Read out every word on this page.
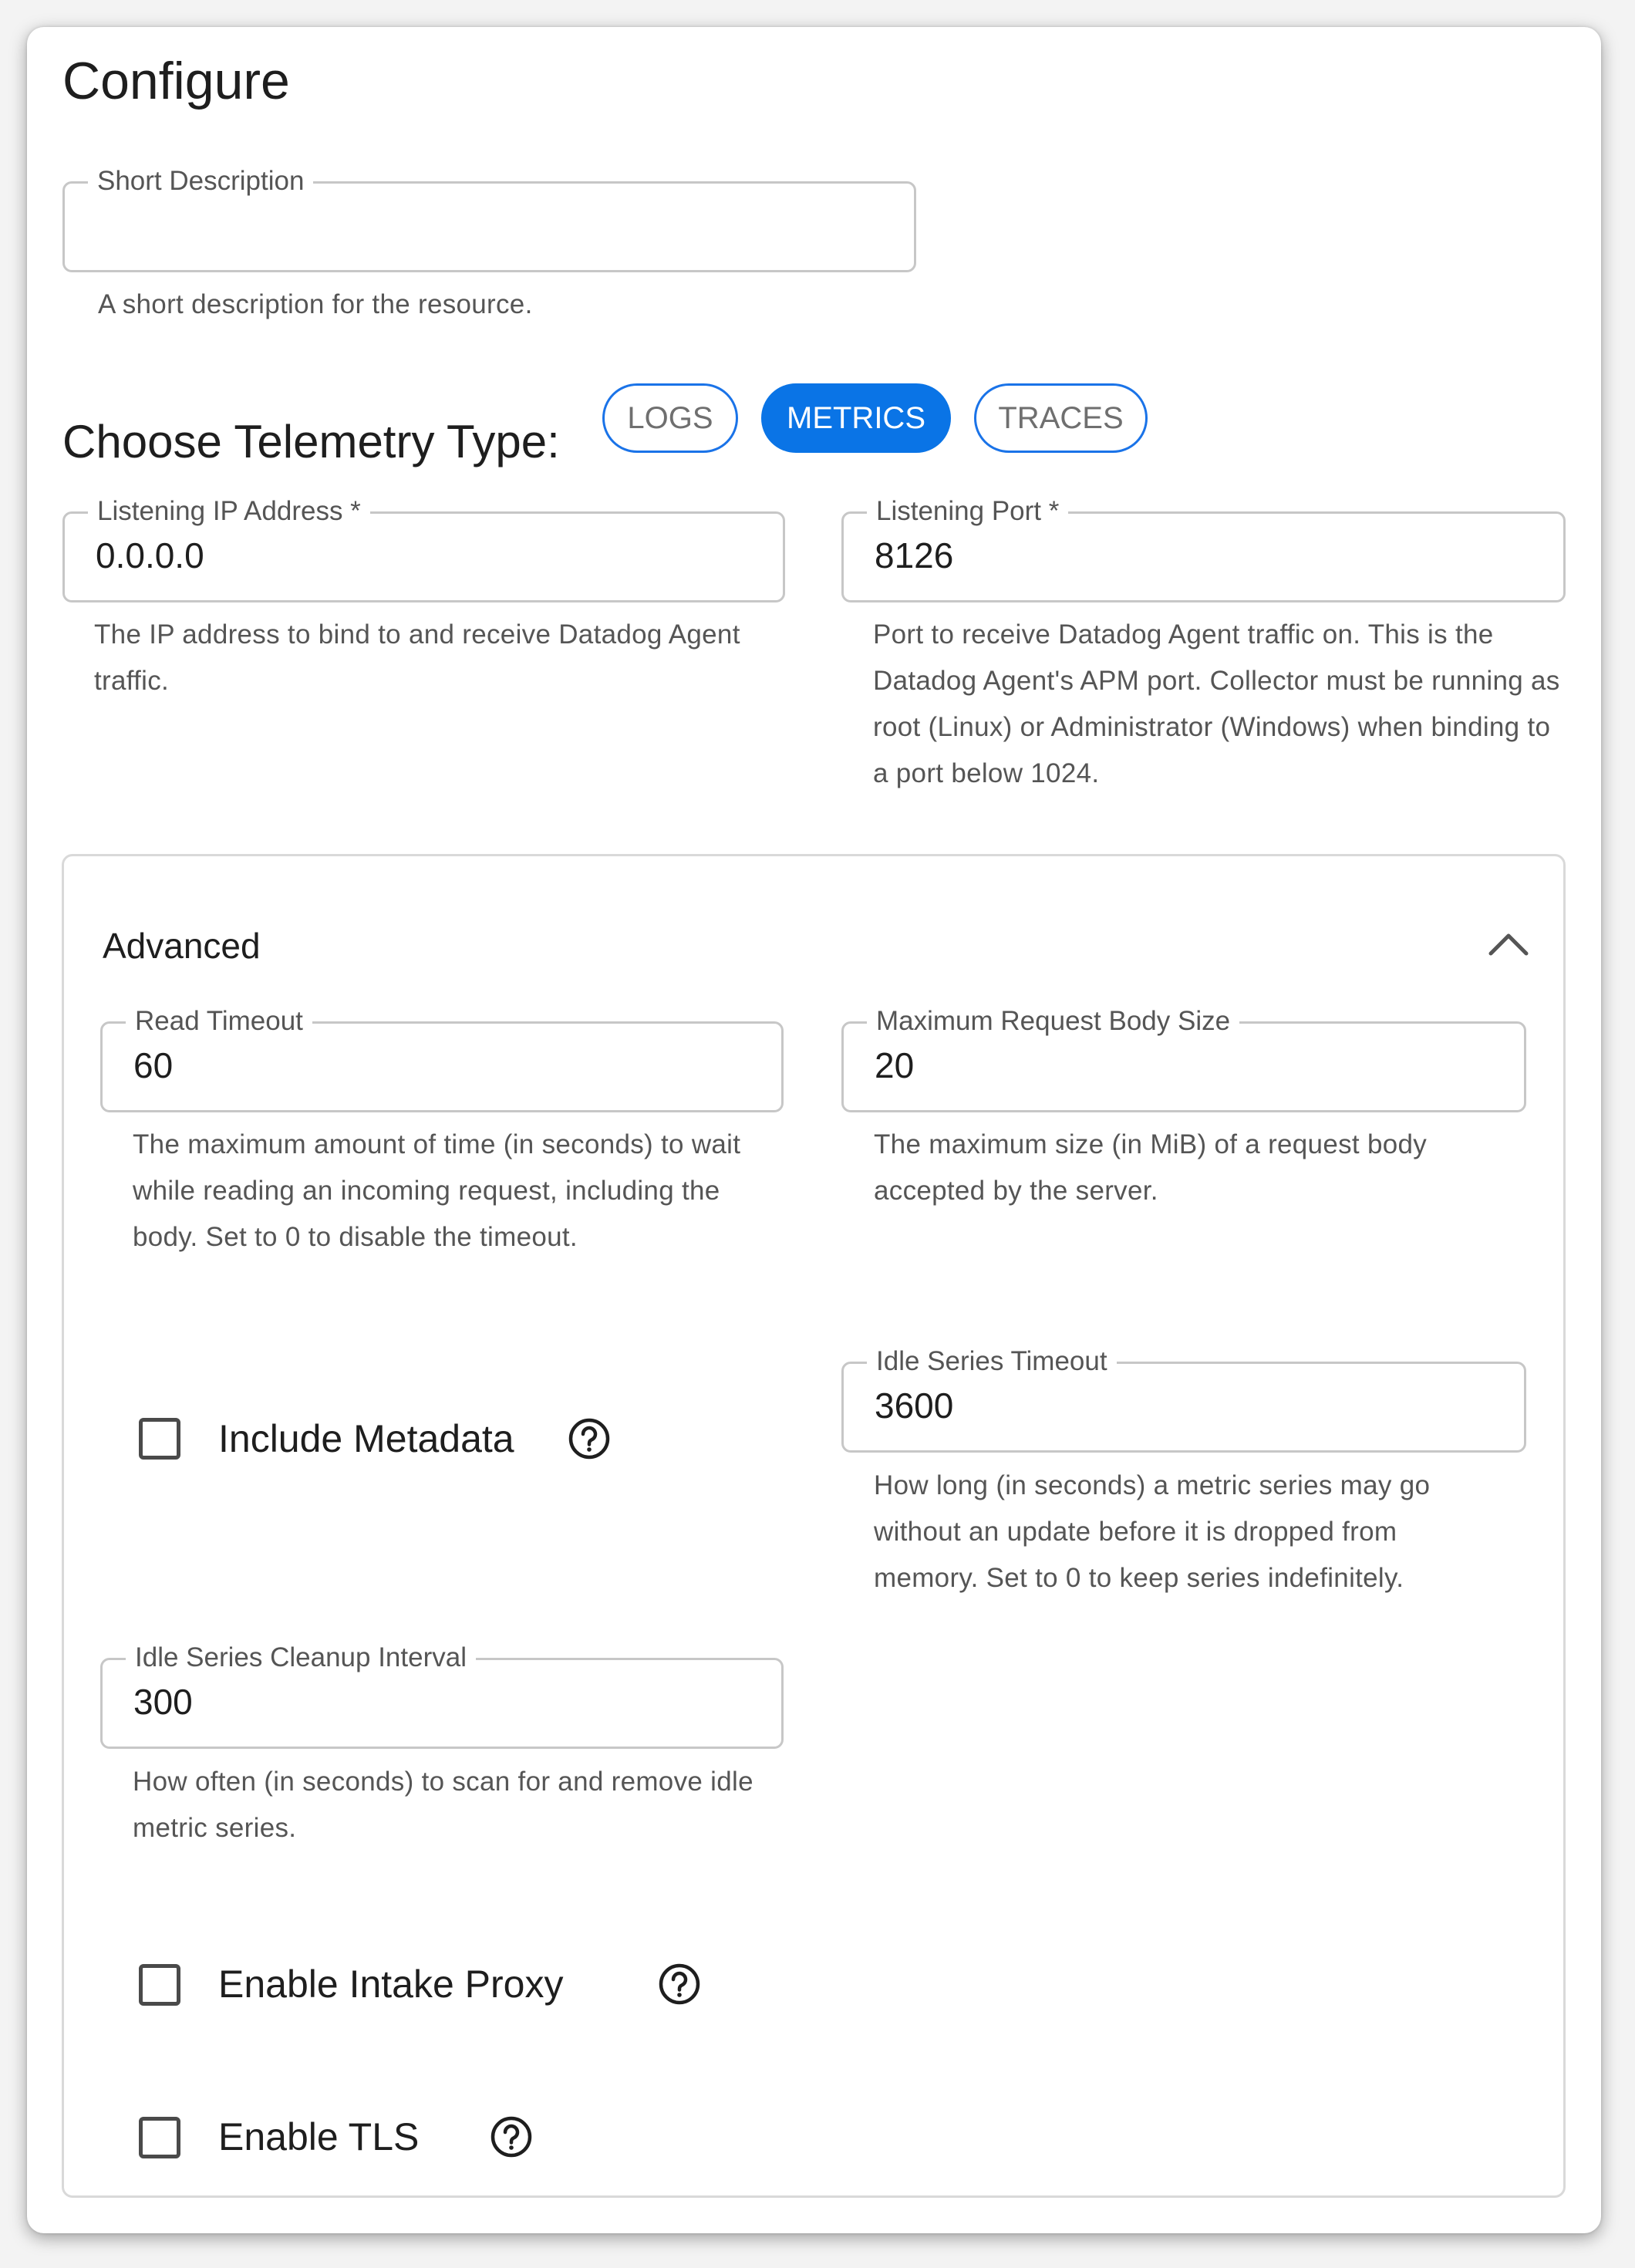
Configure
Short Description
A short description for the resource.
Choose Telemetry Type:	LOGS	METRICS	TRACES
Listening IP Address *
0.0.0.0
The IP address to bind to and receive Datadog Agent traffic.
Listening Port *
8126
Port to receive Datadog Agent traffic on. This is the Datadog Agent's APM port. Collector must be running as root (Linux) or Administrator (Windows) when binding to a port below 1024.
Advanced
Read Timeout
60
The maximum amount of time (in seconds) to wait while reading an incoming request, including the body. Set to 0 to disable the timeout.
Maximum Request Body Size
20
The maximum size (in MiB) of a request body accepted by the server.
Include Metadata
Idle Series Timeout
3600
How long (in seconds) a metric series may go without an update before it is dropped from memory. Set to 0 to keep series indefinitely.
Idle Series Cleanup Interval
300
How often (in seconds) to scan for and remove idle metric series.
Enable Intake Proxy
Enable TLS
